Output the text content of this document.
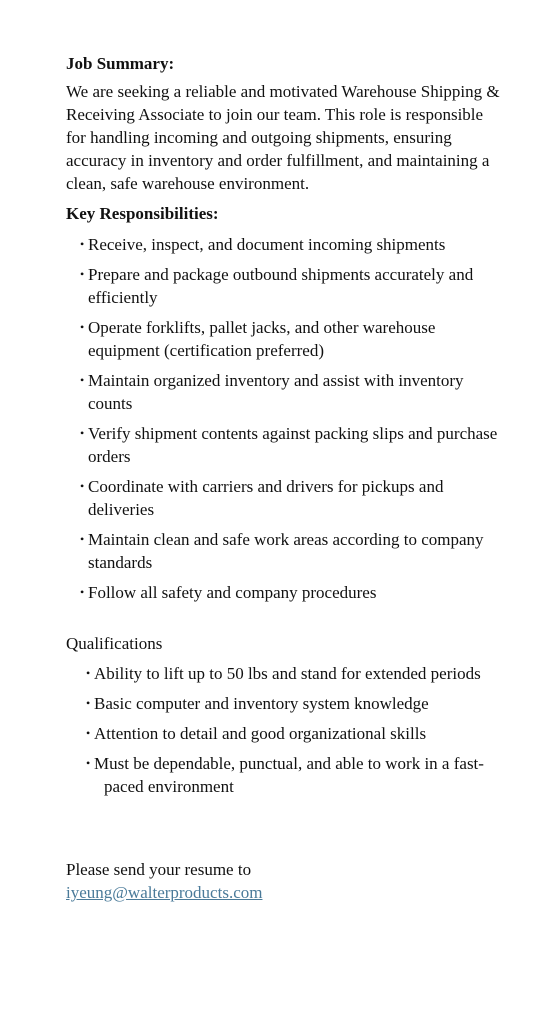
Job Summary:

We are seeking a reliable and motivated Warehouse Shipping & Receiving Associate to join our team. This role is responsible for handling incoming and outgoing shipments, ensuring accuracy in inventory and order fulfillment, and maintaining a clean, safe warehouse environment.

Key Responsibilities:

• Receive, inspect, and document incoming shipments
• Prepare and package outbound shipments accurately and efficiently
• Operate forklifts, pallet jacks, and other warehouse equipment (certification preferred)
• Maintain organized inventory and assist with inventory counts
• Verify shipment contents against packing slips and purchase orders
• Coordinate with carriers and drivers for pickups and deliveries
• Maintain clean and safe work areas according to company standards
• Follow all safety and company procedures

Qualifications

• Ability to lift up to 50 lbs and stand for extended periods
• Basic computer and inventory system knowledge
• Attention to detail and good organizational skills
• Must be dependable, punctual, and able to work in a fast-paced environment
Please send your resume to
iyeung@walterproducts.com
